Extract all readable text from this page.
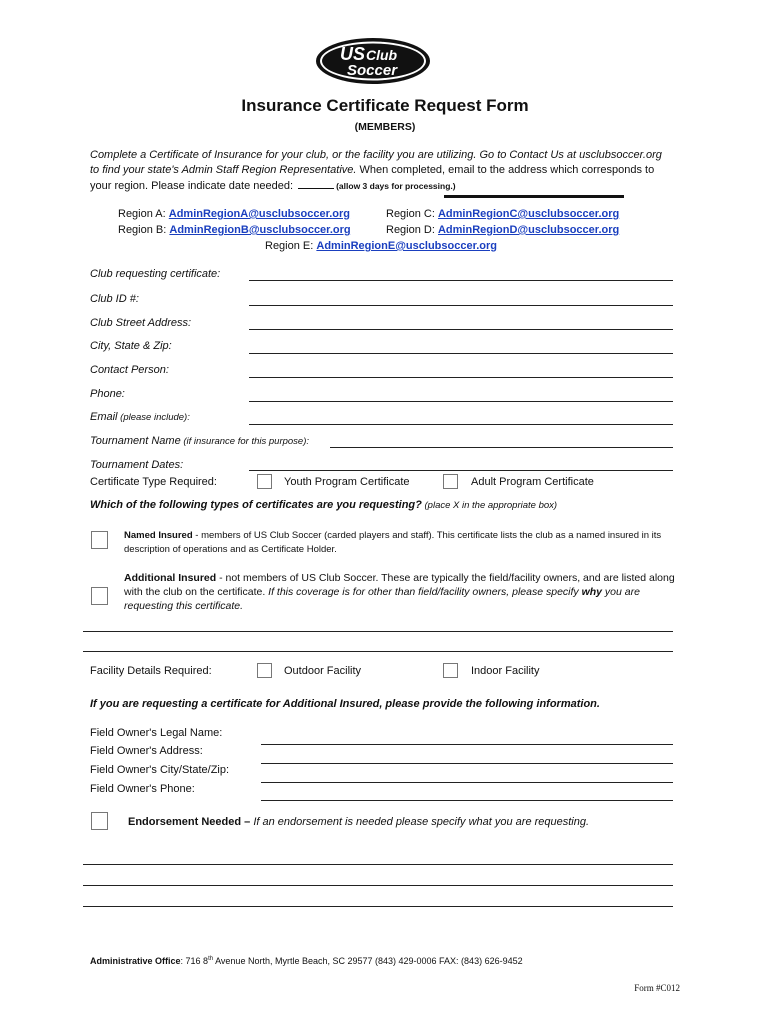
US Club
Soccer
Insurance Certificate Request Form
(MEMBERS)
Complete a Certificate of Insurance for your club, or the facility you are utilizing. Go to Contact Us at usclubsoccer.org to find your state's Admin Staff Region Representative. When completed, email to the address which corresponds to your region. Please indicate date needed:	(allow 3 days for processing.)
Region A: AdminRegionA@usclubsoccer.org	Region C: AdminRegionC@usclubsoccer.org
Region B: AdminRegionB@usclubsoccer.org	Region D: AdminRegionD@usclubsoccer.org
Region E: AdminRegionE@usclubsoccer.org
Club requesting certificate:
Club ID #:
Club Street Address:
City, State & Zip:
Contact Person:
Phone:
Email (please include):
Tournament Name (if insurance for this purpose):
Tournament Dates:
Certificate Type Required:	Youth Program Certificate	Adult Program Certificate
Which of the following types of certificates are you requesting? (place X in the appropriate box)
Named Insured - members of US Club Soccer (carded players and staff). This certificate lists the club as a named insured in its description of operations and as Certificate Holder.
Additional Insured - not members of US Club Soccer. These are typically the field/facility owners, and are listed along with the club on the certificate. If this coverage is for other than field/facility owners, please specify why you are requesting this certificate.
Facility Details Required:	Outdoor Facility	Indoor Facility
If you are requesting a certificate for Additional Insured, please provide the following information.
Field Owner's Legal Name:
Field Owner's Address:
Field Owner's City/State/Zip:
Field Owner's Phone:
Endorsement Needed – If an endorsement is needed please specify what you are requesting.
Administrative Office: 716 8th Avenue North, Myrtle Beach, SC 29577 (843) 429-0006 FAX: (843) 626-9452
Form #C012
